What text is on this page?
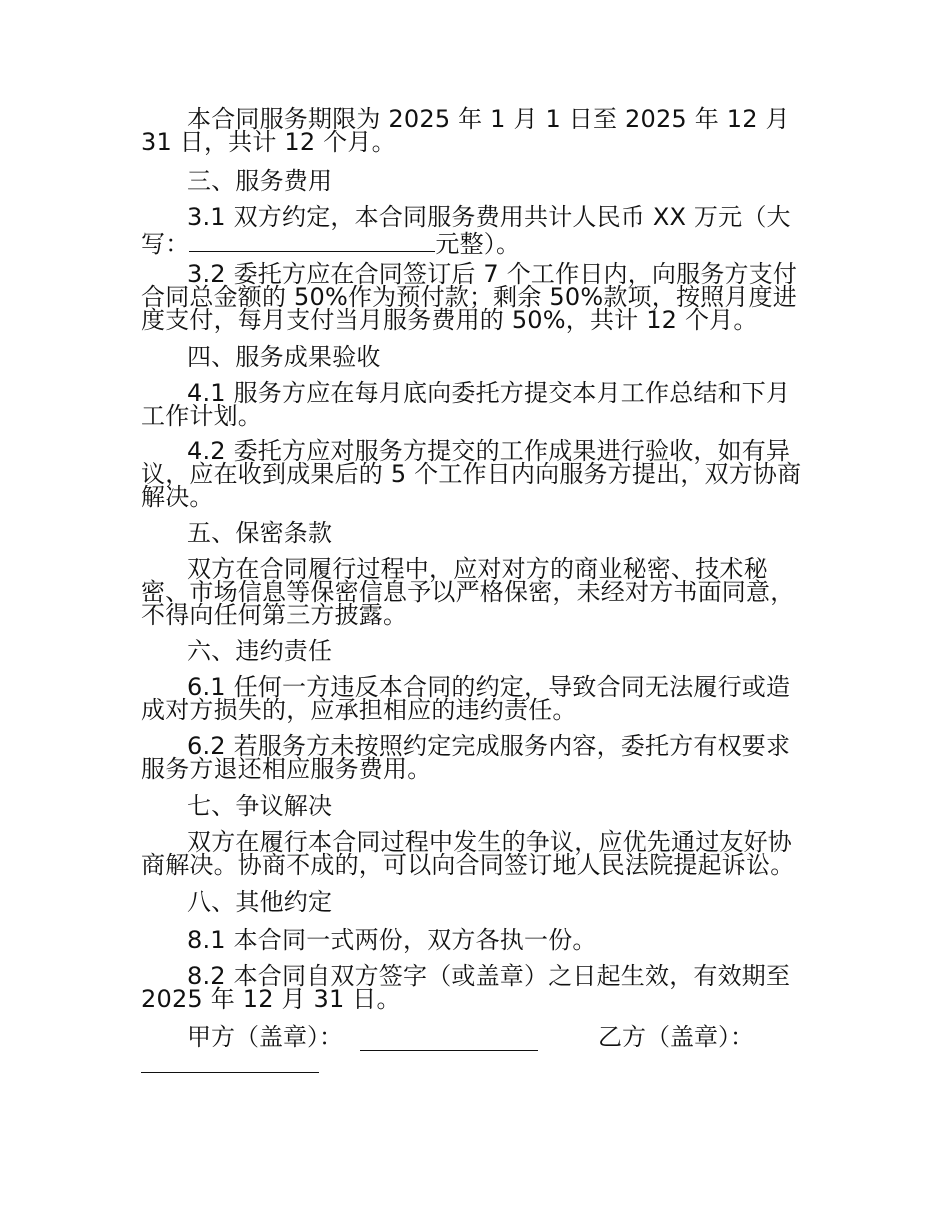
本合同服务期限为 2025 年 1 月 1 日至 2025 年 12 月 31 日，共计 12 个月。

三、服务费用

3.1 双方约定，本合同服务费用共计人民币 XX 万元（大写：	元整）。

3.2 委托方应在合同签订后 7 个工作日内，向服务方支付合同总金额的 50%作为预付款；剩余 50%款项，按照月度进度支付，每月支付当月服务费用的 50%，共计 12 个月。

四、服务成果验收

4.1 服务方应在每月底向委托方提交本月工作总结和下月工作计划。

4.2 委托方应对服务方提交的工作成果进行验收，如有异议，应在收到成果后的 5 个工作日内向服务方提出，双方协商解决。

五、保密条款

双方在合同履行过程中，应对对方的商业秘密、技术秘密、市场信息等保密信息予以严格保密，未经对方书面同意，不得向任何第三方披露。

六、违约责任

6.1 任何一方违反本合同的约定，导致合同无法履行或造成对方损失的，应承担相应的违约责任。

6.2 若服务方未按照约定完成服务内容，委托方有权要求服务方退还相应服务费用。

七、争议解决

双方在履行本合同过程中发生的争议，应优先通过友好协商解决。协商不成的，可以向合同签订地人民法院提起诉讼。

八、其他约定

8.1 本合同一式两份，双方各执一份。

8.2 本合同自双方签字（或盖章）之日起生效，有效期至 2025 年 12 月 31 日。

甲方（盖章）：	乙方（盖章）：
